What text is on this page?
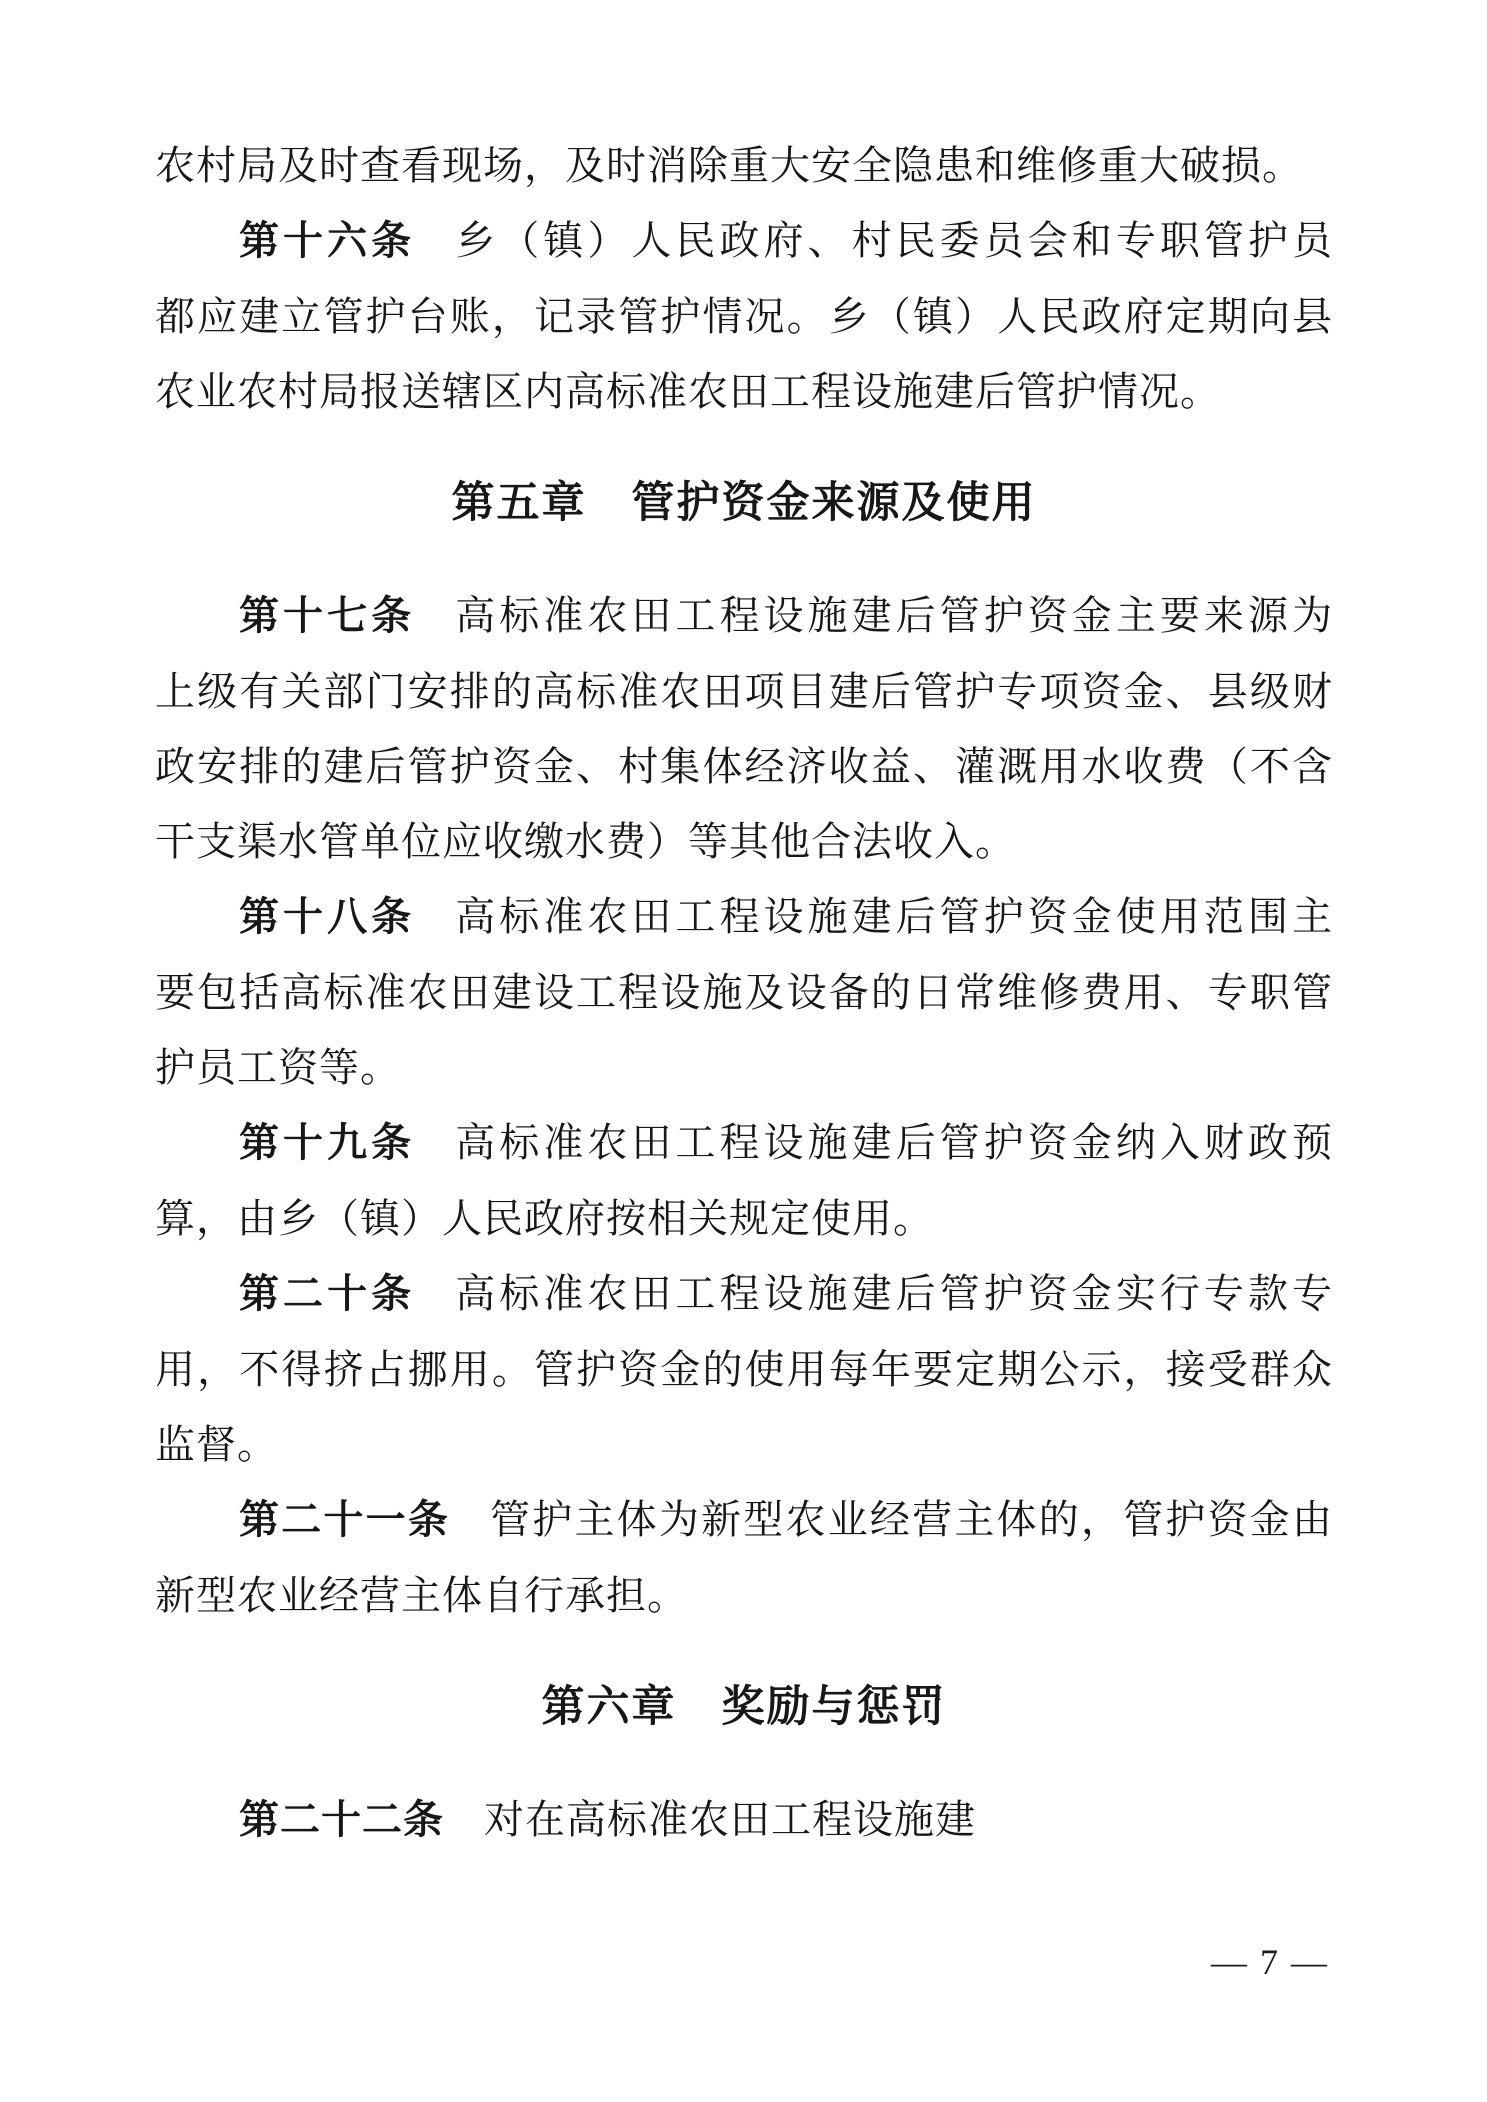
农村局及时查看现场，及时消除重大安全隐患和维修重大破损。
第十六条 乡（镇）人民政府、村民委员会和专职管护员
都应建立管护台账，记录管护情况。乡（镇）人民政府定期向县
农业农村局报送辖区内高标准农田工程设施建后管护情况。
第五章　管护资金来源及使用
第十七条 高标准农田工程设施建后管护资金主要来源为
上级有关部门安排的高标准农田项目建后管护专项资金、县级财
政安排的建后管护资金、村集体经济收益、灌溉用水收费（不含
干支渠水管单位应收缴水费）等其他合法收入。
第十八条 高标准农田工程设施建后管护资金使用范围主
要包括高标准农田建设工程设施及设备的日常维修费用、专职管
护员工资等。
第十九条 高标准农田工程设施建后管护资金纳入财政预
算，由乡（镇）人民政府按相关规定使用。
第二十条 高标准农田工程设施建后管护资金实行专款专
用，不得挤占挪用。管护资金的使用每年要定期公示，接受群众
监督。
第二十一条 管护主体为新型农业经营主体的，管护资金由
新型农业经营主体自行承担。
第六章　奖励与惩罚
第二十二条 对在高标准农田工程设施建
— 7 —
